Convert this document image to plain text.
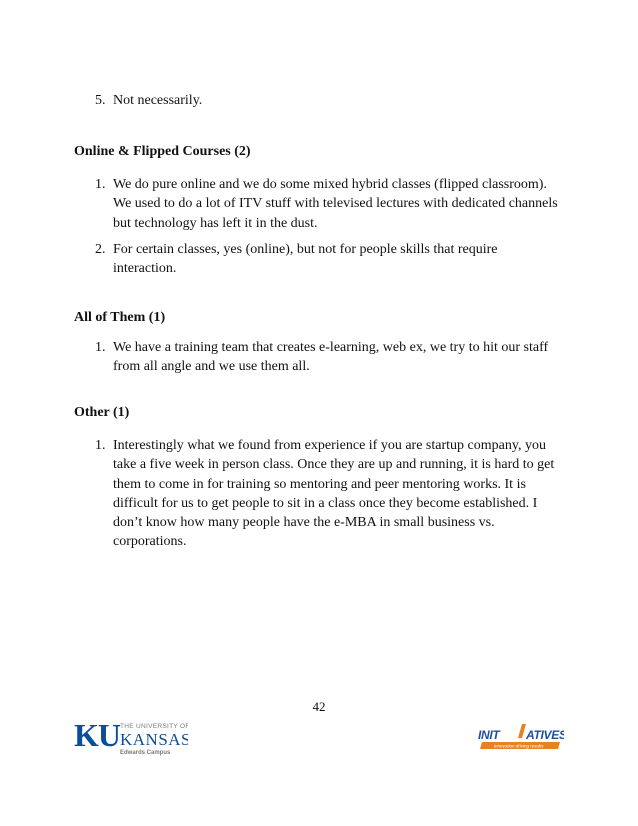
5. Not necessarily.
Online & Flipped Courses (2)
1. We do pure online and we do some mixed hybrid classes (flipped classroom).
We used to do a lot of ITV stuff with televised lectures with dedicated channels
but technology has left it in the dust.
2. For certain classes, yes (online), but not for people skills that require
interaction.
All of Them (1)
1. We have a training team that creates e-learning, web ex, we try to hit our staff
from all angle and we use them all.
Other (1)
1. Interestingly what we found from experience if you are startup company, you
take a five week in person class. Once they are up and running, it is hard to get
them to come in for training so mentoring and peer mentoring works. It is
difficult for us to get people to sit in a class once they become established. I
don’t know how many people have the e-MBA in small business vs.
corporations.
42
KU THE UNIVERSITY OF
KANSAS
Edwards Campus
INIT ATIVES
innovation driving results
